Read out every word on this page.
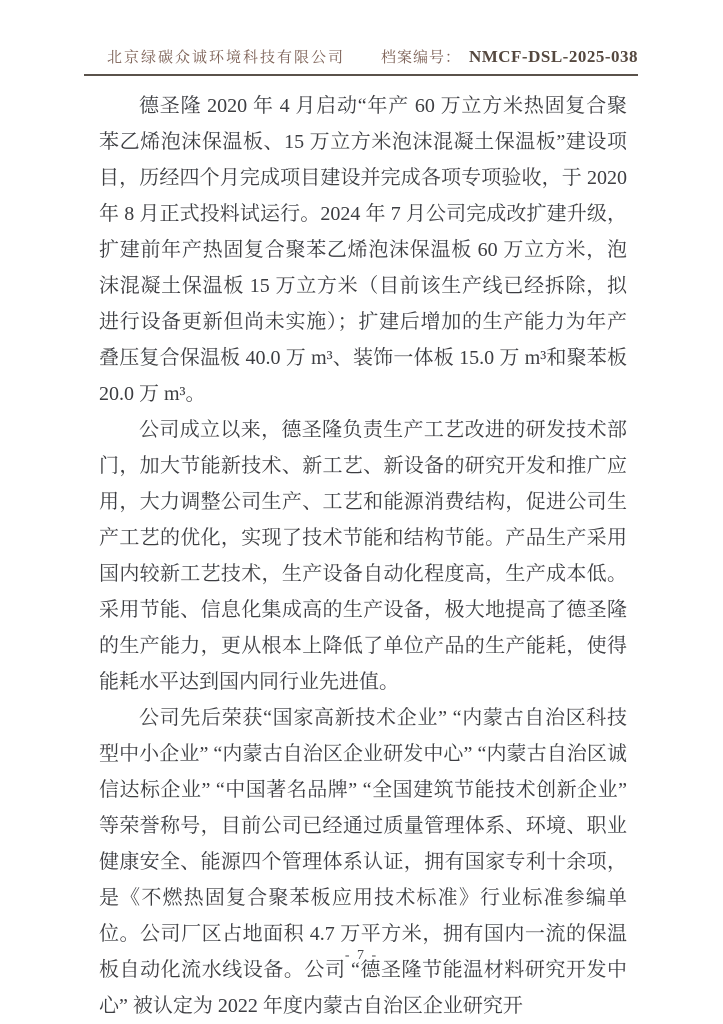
北京绿碳众诚环境科技有限公司 档案编号： NMCF-DSL-2025-038

德圣隆 2020 年 4 月启动“年产 60 万立方米热固复合聚苯乙烯泡沫保温板、15 万立方米泡沫混凝土保温板”建设项目，历经四个月完成项目建设并完成各项专项验收，于 2020 年 8 月正式投料试运行。2024 年 7 月公司完成改扩建升级，扩建前年产热固复合聚苯乙烯泡沫保温板 60 万立方米，泡沫混凝土保温板 15 万立方米（目前该生产线已经拆除，拟进行设备更新但尚未实施）；扩建后增加的生产能力为年产叠压复合保温板 40.0 万 m³、装饰一体板 15.0 万 m³和聚苯板 20.0 万 m³。

公司成立以来，德圣隆负责生产工艺改进的研发技术部门，加大节能新技术、新工艺、新设备的研究开发和推广应用，大力调整公司生产、工艺和能源消费结构，促进公司生产工艺的优化，实现了技术节能和结构节能。产品生产采用国内较新工艺技术，生产设备自动化程度高，生产成本低。采用节能、信息化集成高的生产设备，极大地提高了德圣隆的生产能力，更从根本上降低了单位产品的生产能耗，使得能耗水平达到国内同行业先进值。

公司先后荣获“国家高新技术企业” “内蒙古自治区科技型中小企业” “内蒙古自治区企业研发中心” “内蒙古自治区诚信达标企业” “中国著名品牌” “全国建筑节能技术创新企业” 等荣誉称号，目前公司已经通过质量管理体系、环境、职业健康安全、能源四个管理体系认证，拥有国家专利十余项，是《不燃热固复合聚苯板应用技术标准》行业标准参编单位。公司厂区占地面积 4.7 万平方米，拥有国内一流的保温板自动化流水线设备。公司 “德圣隆节能温材料研究开发中心” 被认定为 2022 年度内蒙古自治区企业研究开

- 7 -
